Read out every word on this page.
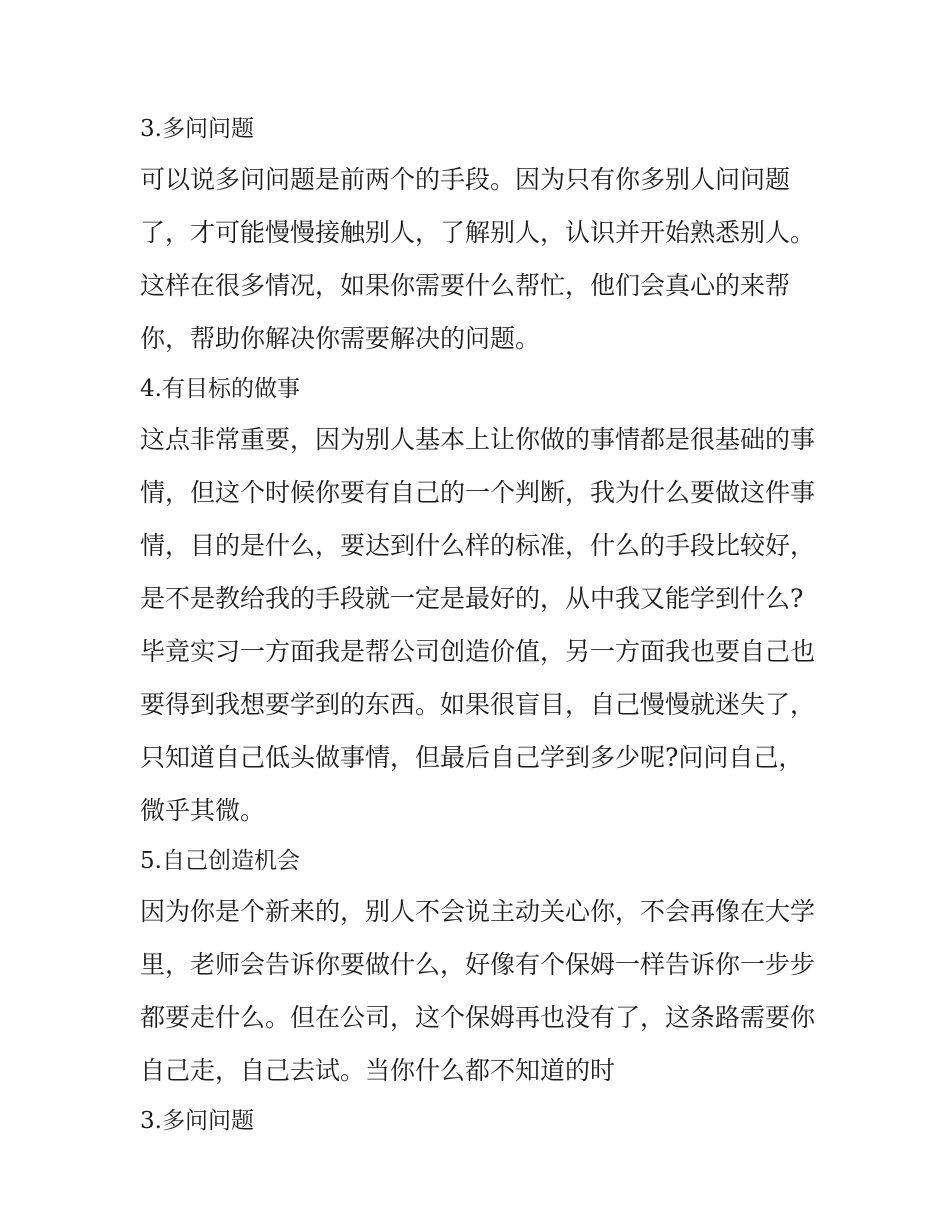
3.多问问题
可以说多问问题是前两个的手段。因为只有你多别人问问题
了，才可能慢慢接触别人，了解别人，认识并开始熟悉别人。
这样在很多情况，如果你需要什么帮忙，他们会真心的来帮
你，帮助你解决你需要解决的问题。
4.有目标的做事
这点非常重要，因为别人基本上让你做的事情都是很基础的事
情，但这个时候你要有自己的一个判断，我为什么要做这件事
情，目的是什么，要达到什么样的标准，什么的手段比较好，
是不是教给我的手段就一定是最好的，从中我又能学到什么?
毕竟实习一方面我是帮公司创造价值，另一方面我也要自己也
要得到我想要学到的东西。如果很盲目，自己慢慢就迷失了，
只知道自己低头做事情，但最后自己学到多少呢?问问自己，
微乎其微。
5.自己创造机会
因为你是个新来的，别人不会说主动关心你，不会再像在大学
里，老师会告诉你要做什么，好像有个保姆一样告诉你一步步
都要走什么。但在公司，这个保姆再也没有了，这条路需要你
自己走，自己去试。当你什么都不知道的时
3.多问问题
